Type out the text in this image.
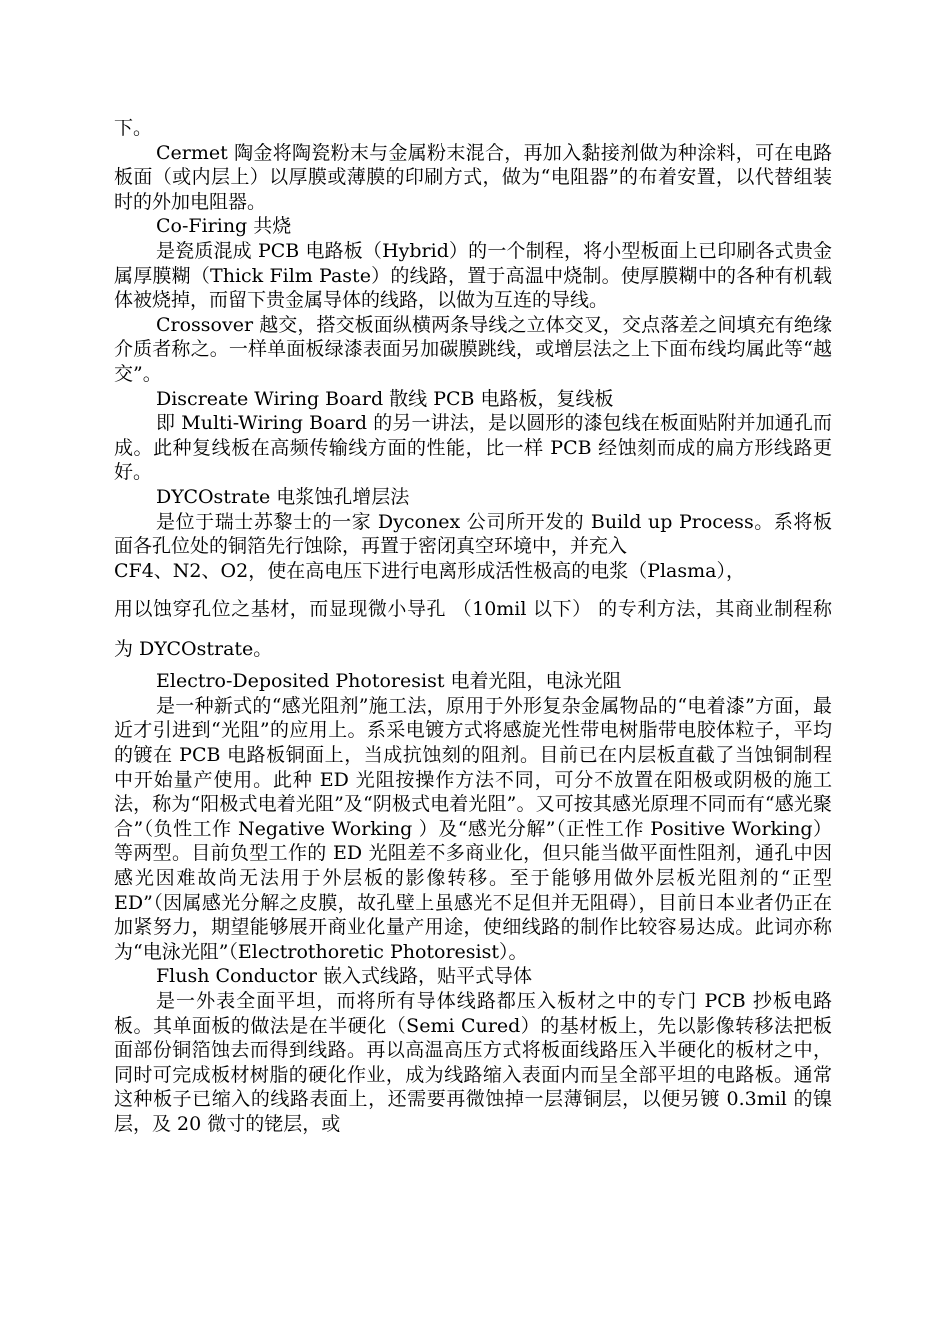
下。

Cermet 陶金将陶瓷粉末与金属粉末混合，再加入黏接剂做为种涂料，可在电路板面（或内层上）以厚膜或薄膜的印刷方式，做为“电阻器”的布着安置，以代替组装时的外加电阻器。

Co-Firing 共烧

是瓷质混成 PCB 电路板（Hybrid）的一个制程，将小型板面上已印刷各式贵金属厚膜糊（Thick Film Paste）的线路，置于高温中烧制。使厚膜糊中的各种有机载体被烧掉，而留下贵金属导体的线路，以做为互连的导线。

Crossover 越交，搭交板面纵横两条导线之立体交叉，交点落差之间填充有绝缘介质者称之。一样单面板绿漆表面另加碳膜跳线，或增层法之上下面布线均属此等“越交”。

Discreate Wiring Board 散线 PCB 电路板，复线板

即 Multi-Wiring Board 的另一讲法，是以圆形的漆包线在板面贴附并加通孔而成。此种复线板在高频传输线方面的性能，比一样 PCB 经蚀刻而成的扁方形线路更好。

DYCOstrate 电浆蚀孔增层法

是位于瑞士苏黎士的一家 Dyconex 公司所开发的 Build up Process。系将板面各孔位处的铜箔先行蚀除，再置于密闭真空环境中，并充入

CF4、N2、O2，使在高电压下进行电离形成活性极高的电浆（Plasma），

用以蚀穿孔位之基材，而显现微小导孔 （10mil 以下） 的专利方法，其商业制程称为 DYCOstrate。

Electro-Deposited Photoresist 电着光阻，电泳光阻

是一种新式的“感光阻剂”施工法，原用于外形复杂金属物品的“电着漆”方面，最近才引进到“光阻”的应用上。系采电镀方式将感旋光性带电树脂带电胶体粒子，平均的镀在 PCB 电路板铜面上，当成抗蚀刻的阻剂。目前已在内层板直截了当蚀铜制程中开始量产使用。此种 ED 光阻按操作方法不同，可分不放置在阳极或阴极的施工法，称为“阳极式电着光阻”及“阴极式电着光阻”。又可按其感光原理不同而有“感光聚合”（负性工作 Negative Working ）及“感光分解”（正性工作 Positive Working）等两型。目前负型工作的 ED 光阻差不多商业化，但只能当做平面性阻剂，通孔中因感光因难故尚无法用于外层板的影像转移。至于能够用做外层板光阻剂的“正型 ED”（因属感光分解之皮膜，故孔壁上虽感光不足但并无阻碍），目前日本业者仍正在加紧努力，期望能够展开商业化量产用途，使细线路的制作比较容易达成。此词亦称为“电泳光阻”（Electrothoretic Photoresist）。

Flush Conductor 嵌入式线路，贴平式导体

是一外表全面平坦，而将所有导体线路都压入板材之中的专门 PCB 抄板电路板。其单面板的做法是在半硬化（Semi Cured）的基材板上，先以影像转移法把板面部份铜箔蚀去而得到线路。再以高温高压方式将板面线路压入半硬化的板材之中，同时可完成板材树脂的硬化作业，成为线路缩入表面内而呈全部平坦的电路板。通常这种板子已缩入的线路表面上，还需要再微蚀掉一层薄铜层，以便另镀 0.3mil 的镍层，及 20 微寸的铑层，或
